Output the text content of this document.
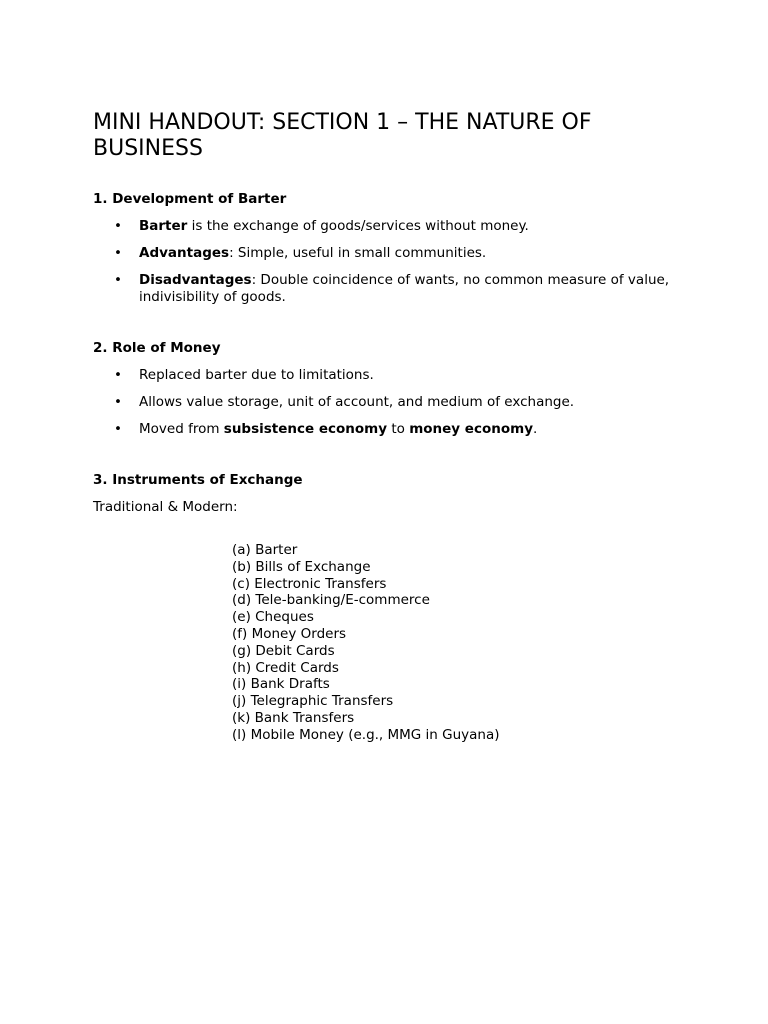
MINI HANDOUT: SECTION 1 – THE NATURE OF BUSINESS
1. Development of Barter
• Barter is the exchange of goods/services without money.
• Advantages: Simple, useful in small communities.
• Disadvantages: Double coincidence of wants, no common measure of value, indivisibility of goods.
2. Role of Money
• Replaced barter due to limitations.
• Allows value storage, unit of account, and medium of exchange.
• Moved from subsistence economy to money economy.
3. Instruments of Exchange

Traditional & Modern:

(a) Barter
(b) Bills of Exchange
(c) Electronic Transfers
(d) Tele-banking/E-commerce
(e) Cheques
(f) Money Orders
(g) Debit Cards
(h) Credit Cards
(i) Bank Drafts
(j) Telegraphic Transfers
(k) Bank Transfers
(l) Mobile Money (e.g., MMG in Guyana)
